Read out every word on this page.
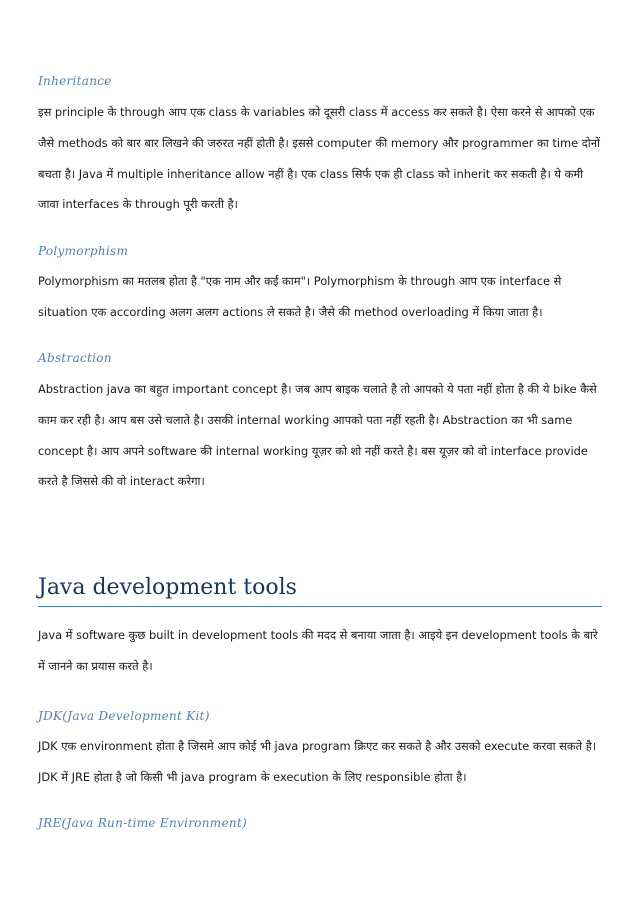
Inheritance

इस principle के through आप एक class के variables को दूसरी class में access कर सकते है। ऐसा करने से आपको एक जैसे methods को बार बार लिखने की जरुरत नहीं होती है। इससे computer की memory और programmer का time दोनों बचता है। Java में multiple inheritance allow नहीं है। एक class सिर्फ एक ही class को inherit कर सकती है। ये कमी जावा interfaces के through पूरी करती है।

Polymorphism

Polymorphism का मतलब होता है "एक नाम और कई काम"। Polymorphism के through आप एक interface से situation एक according अलग अलग actions ले सकते है। जैसे की method overloading में किया जाता है।

Abstraction

Abstraction java का बहुत important concept है। जब आप बाइक चलाते है तो आपको ये पता नहीं होता है की ये bike कैसे काम कर रही है। आप बस उसे चलाते है। उसकी internal working आपको पता नहीं रहती है। Abstraction का भी same concept है। आप अपने software की internal working यूज़र को शो नहीं करते है। बस यूज़र को वो interface provide करते है जिससे की वो interact करेगा।

Java development tools

Java में software कुछ built in development tools की मदद से बनाया जाता है। आइये इन development tools के बारे में जानने का प्रयास करते है।

JDK(Java Development Kit)

JDK एक environment होता है जिसमे आप कोई भी java program क्रिएट कर सकते है और उसको execute करवा सकते है। JDK में JRE होता है जो किसी भी java program के execution के लिए responsible होता है।

JRE(Java Run-time Environment)
